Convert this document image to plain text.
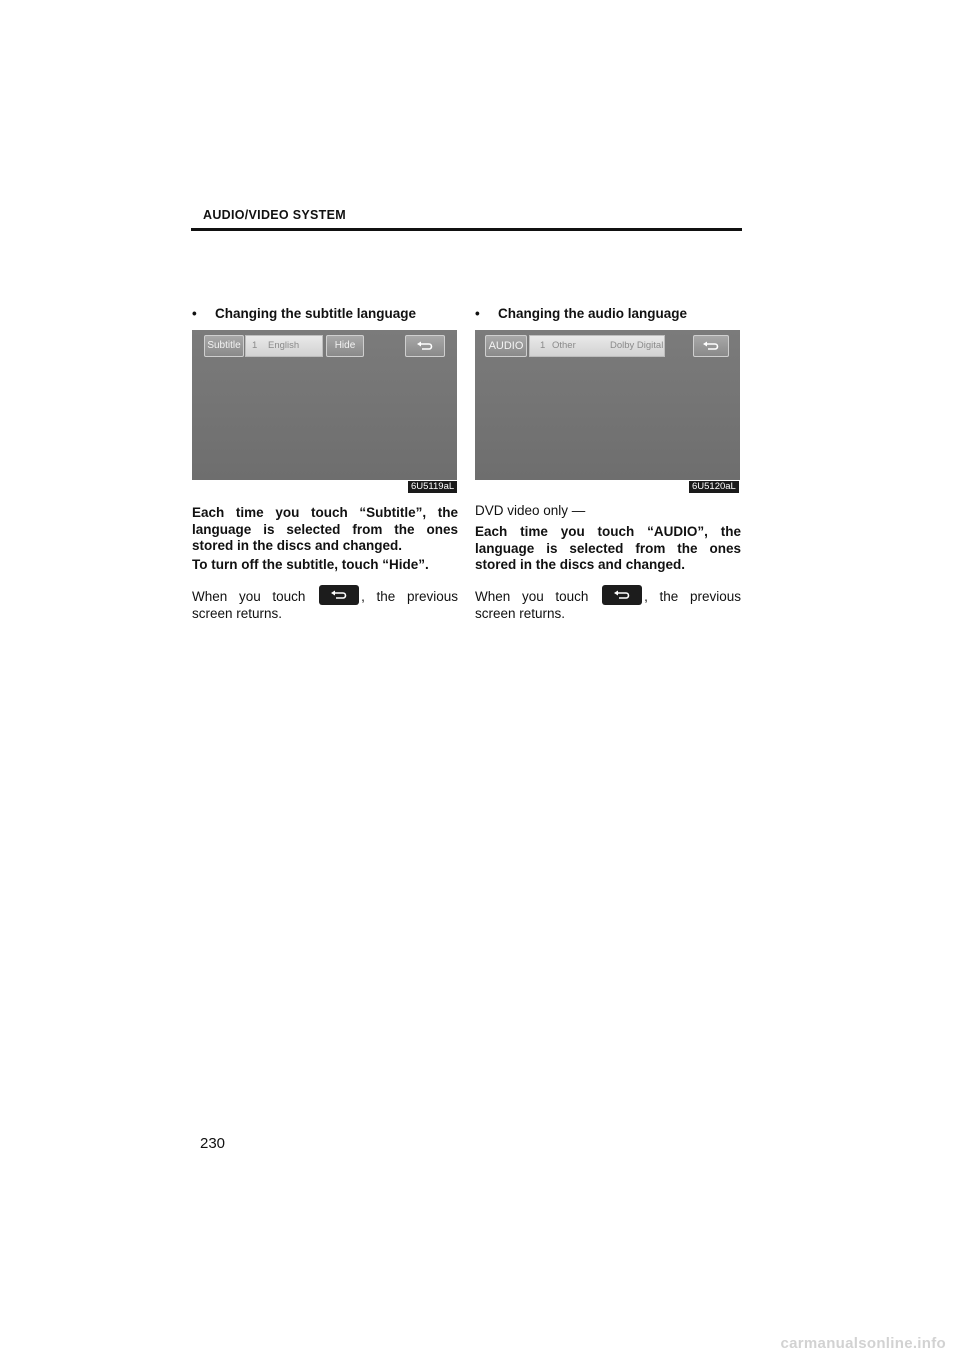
AUDIO/VIDEO SYSTEM
• Changing the subtitle language
Subtitle	1 English	Hide
6U5119aL
Each time you touch “Subtitle”, the language is selected from the ones stored in the discs and changed.
To turn off the subtitle, touch “Hide”.
When you touch	, the previous screen returns.
• Changing the audio language
AUDIO	1 Other	Dolby Digital
6U5120aL
DVD video only —
Each time you touch “AUDIO”, the language is selected from the ones stored in the discs and changed.
When you touch	, the previous screen returns.
230
carmanualsonline.info
